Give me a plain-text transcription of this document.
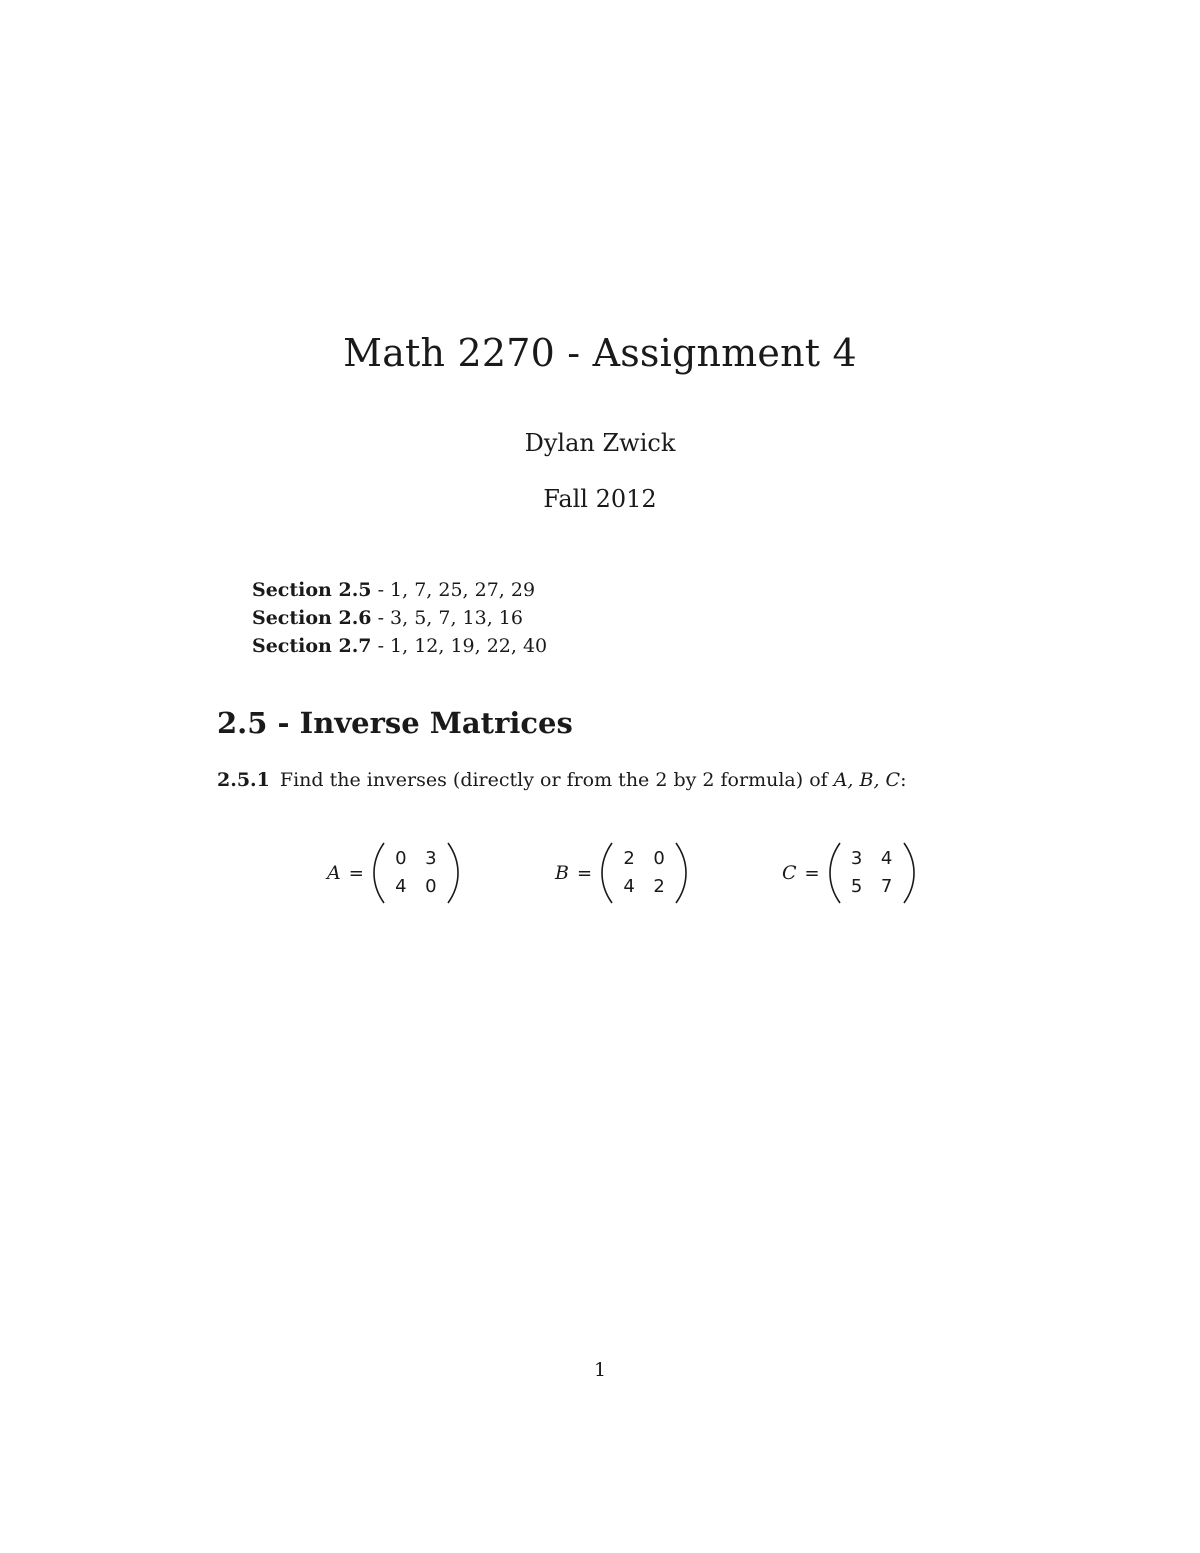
Math 2270 - Assignment 4
Dylan Zwick
Fall 2012
Section 2.5 - 1, 7, 25, 27, 29
Section 2.6 - 3, 5, 7, 13, 16
Section 2.7 - 1, 12, 19, 22, 40
2.5 - Inverse Matrices
2.5.1 Find the inverses (directly or from the 2 by 2 formula) of A, B, C:
A =
0	3
4	0
B =
2	0
4	2
C =
3	4
5	7
1
